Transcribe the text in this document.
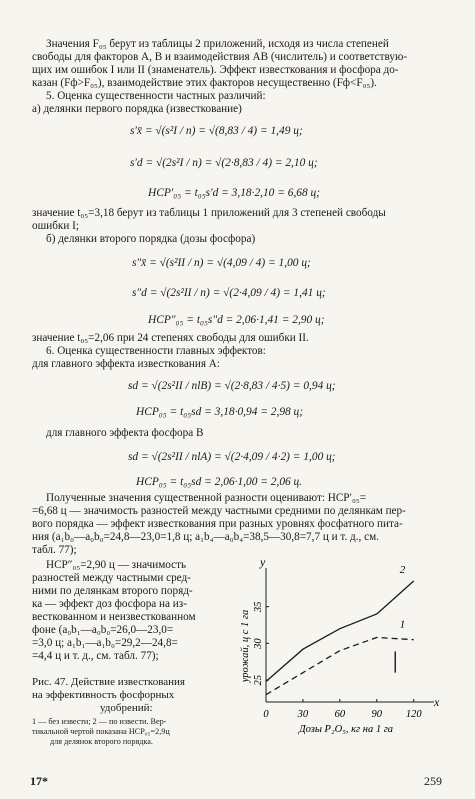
Значения F₀₅ берут из таблицы 2 приложений, исходя из числа степеней
свободы для факторов A, B и взаимодействия AB (числитель) и соответствую-
щих им ошибок I или II (знаменатель). Эффект известкования и фосфора до-
казан (Fф>F₀₅), взаимодействие этих факторов несущественно (Fф<F₀₅).
5. Оценка существенности частных различий:
а) делянки первого порядка (известкование)
s′x̄ = √(s²I / n) = √(8,83 / 4) = 1,49 ц;
s′d = √(2s²I / n) = √(2·8,83 / 4) = 2,10 ц;
НСР′₀₅ = t₀₅s′d = 3,18·2,10 = 6,68 ц;
значение t₀₅=3,18 берут из таблицы 1 приложений для 3 степеней свободы
ошибки I;
б) делянки второго порядка (дозы фосфора)
s″x̄ = √(s²II / n) = √(4,09 / 4) = 1,00 ц;
s″d = √(2s²II / n) = √(2·4,09 / 4) = 1,41 ц;
НСР″₀₅ = t₀₅s″d = 2,06·1,41 = 2,90 ц;
значение t₀₅=2,06 при 24 степенях свободы для ошибки II.
6. Оценка существенности главных эффектов:
для главного эффекта известкования A:
sd = √(2s²II / nlB) = √(2·8,83 / 4·5) = 0,94 ц;
НСР₀₅ = t₀₅sd = 3,18·0,94 = 2,98 ц;
для главного эффекта фосфора B
sd = √(2s²II / nlA) = √(2·4,09 / 4·2) = 1,00 ц;
НСР₀₅ = t₀₅sd = 2,06·1,00 = 2,06 ц.
Полученные значения существенной разности оценивают: НСР′₀₅=
=6,68 ц — значимость разностей между частными средними по делянкам пер-
вого порядка — эффект известкования при разных уровнях фосфатного пита-
ния (a₁b₀—a₀b₀=24,8—23,0=1,8 ц; a₁b₄—a₀b₄=38,5—30,8=7,7 ц и т. д., см.
табл. 77);
НСР″₀₅=2,90 ц — значимость
разностей между частными сред-
ними по делянкам второго поряд-
ка — эффект доз фосфора на из-
весткованном и неизвесткованном
фоне (a₀b₁—a₀b₀=26,0—23,0=
=3,0 ц; a₁b₁—a₁b₀=29,2—24,8=
=4,4 ц и т. д., см. табл. 77);
Рис. 47. Действие известкования
на эффективность фосфорных
удобрений:
1 — без извести; 2 — по извести. Вер-
тикальной чертой показана НСР₀₅=2,9ц
для делянок второго порядка.
y
x
0	30	60	90 120
25
30
35
Дозы P₂O₅, кг на 1 га
урожай, ц с 1 га	1
2
17*	259
